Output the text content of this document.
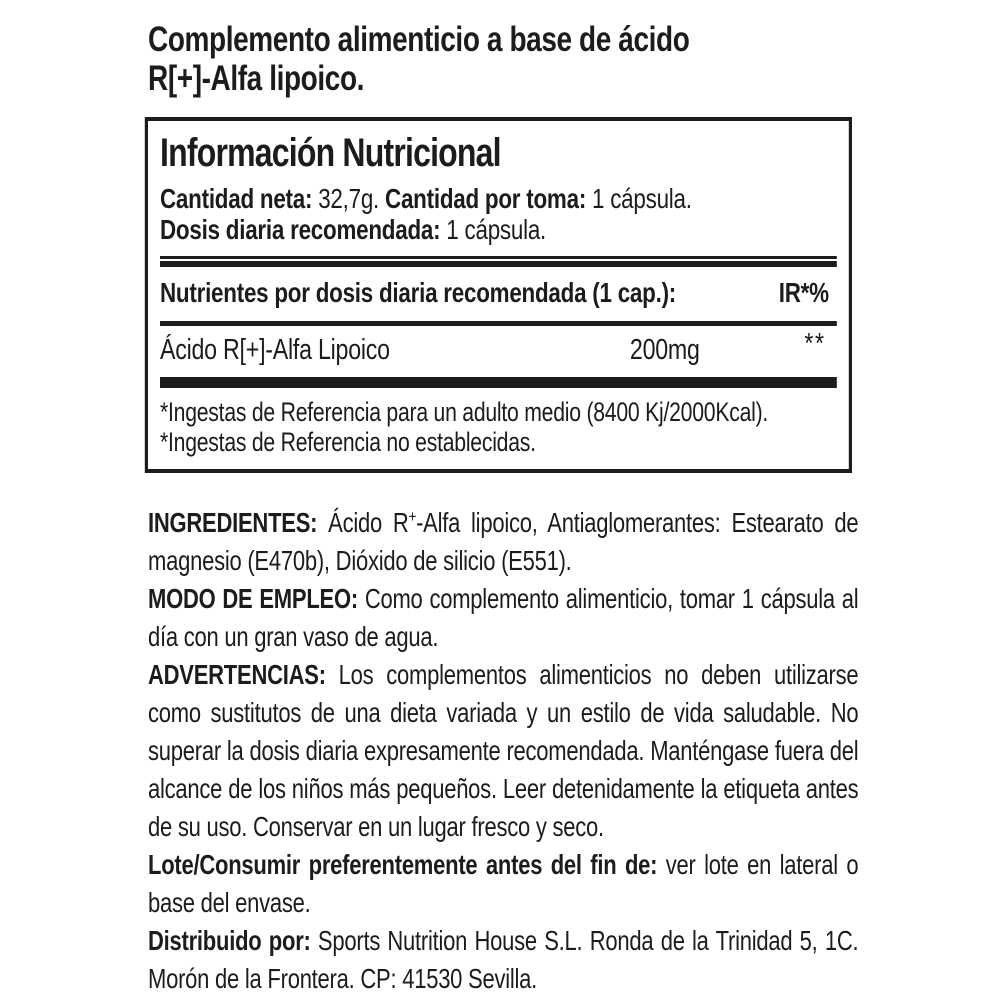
Complemento alimenticio a base de ácido
R[+]-Alfa lipoico.
Información Nutricional

Cantidad neta: 32,7g. Cantidad por toma: 1 cápsula.

Dosis diaria recomendada: 1 cápsula.

Nutrientes por dosis diaria recomendada (1 cap.):	IR*%
Ácido R[+]-Alfa Lipoico	200mg	**

*Ingestas de Referencia para un adulto medio (8400 Kj/2000Kcal).

*Ingestas de Referencia no establecidas.

INGREDIENTES: Ácido R+-Alfa lipoico, Antiaglomerantes: Estearato de magnesio (E470b), Dióxido de silicio (E551).

MODO DE EMPLEO: Como complemento alimenticio, tomar 1 cápsula al día con un gran vaso de agua.

ADVERTENCIAS: Los complementos alimenticios no deben utilizarse como sustitutos de una dieta variada y un estilo de vida saludable. No superar la dosis diaria expresamente recomendada. Manténgase fuera del alcance de los niños más pequeños. Leer detenidamente la etiqueta antes de su uso. Conservar en un lugar fresco y seco.

Lote/Consumir preferentemente antes del fin de: ver lote en lateral o base del envase.

Distribuido por: Sports Nutrition House S.L. Ronda de la Trinidad 5, 1C. Morón de la Frontera. CP: 41530 Sevilla.
